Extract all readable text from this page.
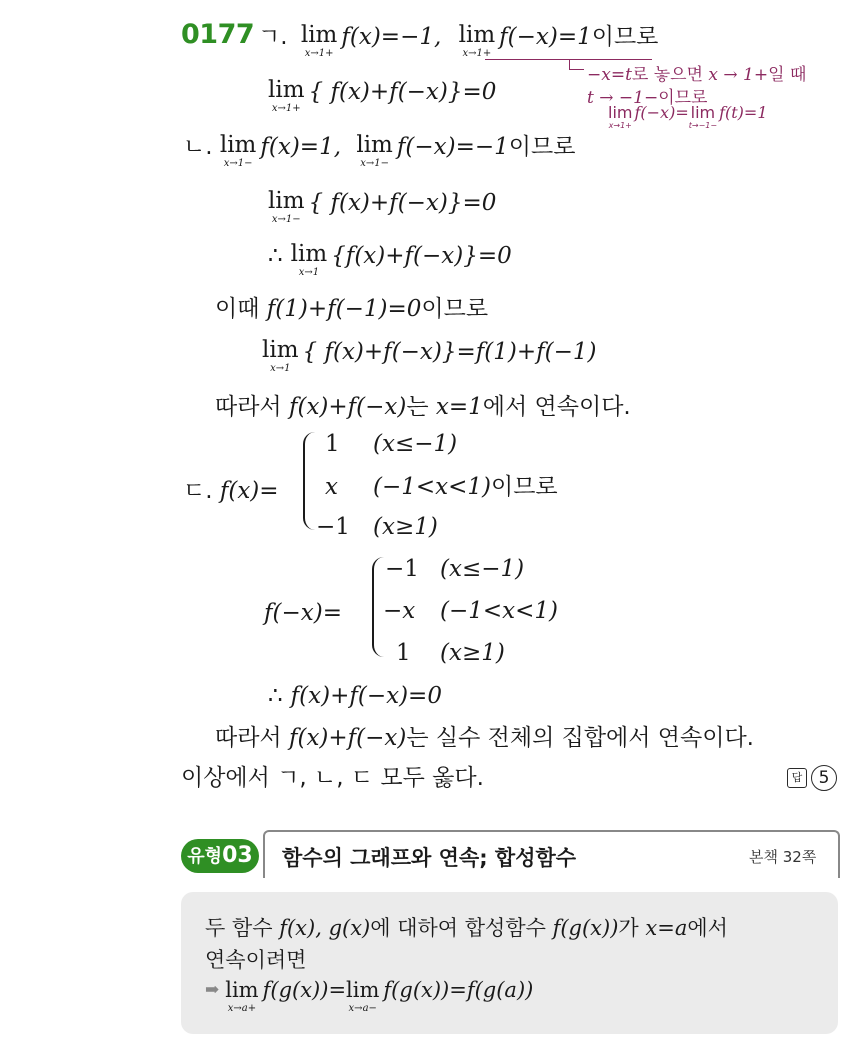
0177 ㄱ. lim
x→1+
f(x)=−1, lim
x→1+
f(−x)=1이므로
−x=t로 놓으면 x → 1+일 때
t → −1−이므로
lim
x→1+
f(−x)= lim
t→−1−
f(t)=1
lim
x→1+
{ f(x)+f(−x)}=0
ㄴ. lim
x→1−
f(x)=1, lim
x→1−
f(−x)=−1이므로
lim
x→1−
{ f(x)+f(−x)}=0
∴ lim
x→1
{f(x)+f(−x)}=0
이때 f(1)+f(−1)=0이므로
lim
x→1
{ f(x)+f(−x)}=f(1)+f(−1)
따라서 f(x)+f(−x)는 x=1에서 연속이다.
ㄷ. f(x)=
1 (x≤−1)
x (−1<x<1)이므로
−1 (x≥1)
f(−x)=
−1 (x≤−1)
−x (−1<x<1)
1 (x≥1)
∴ f(x)+f(−x)=0
따라서 f(x)+f(−x)는 실수 전체의 집합에서 연속이다.
이상에서 ㄱ, ㄴ, ㄷ 모두 옳다.	답 5
유형03 함수의 그래프와 연속; 합성함수	본책 32쪽
두 함수 f(x), g(x)에 대하여 합성함수 f(g(x))가 x=a에서
연속이려면
➡ lim
x→a+
f(g(x))= lim
x→a−
f(g(x))=f(g(a))
